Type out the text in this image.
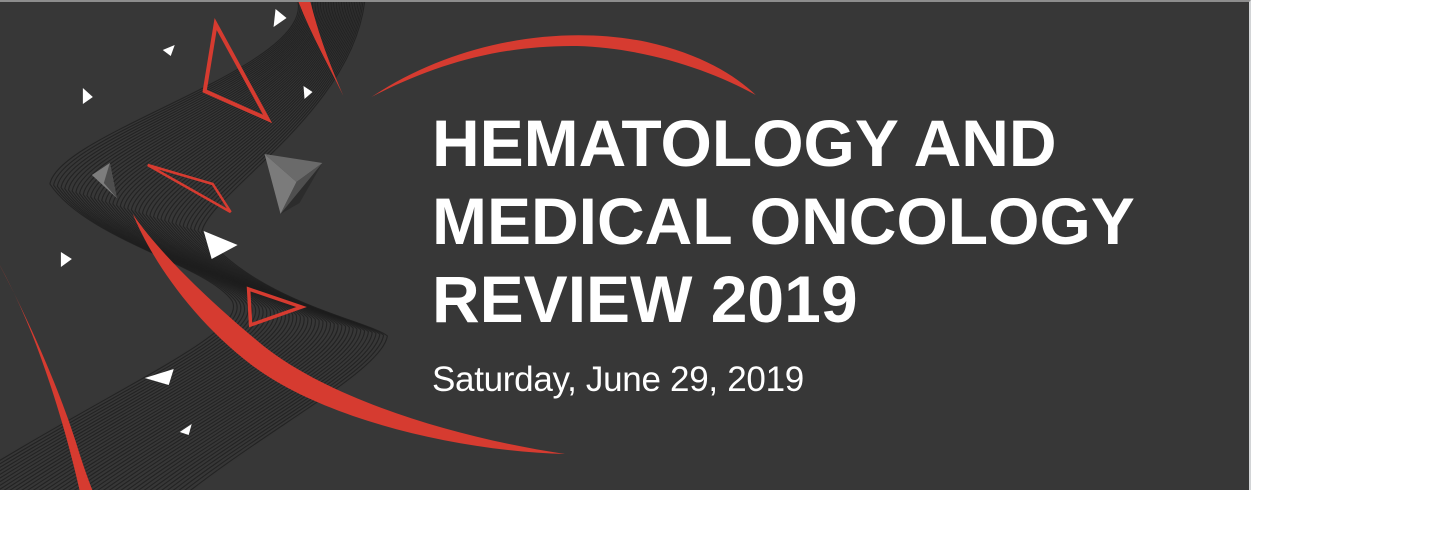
HEMATOLOGY AND
MEDICAL ONCOLOGY
REVIEW 2019
Saturday, June 29, 2019
